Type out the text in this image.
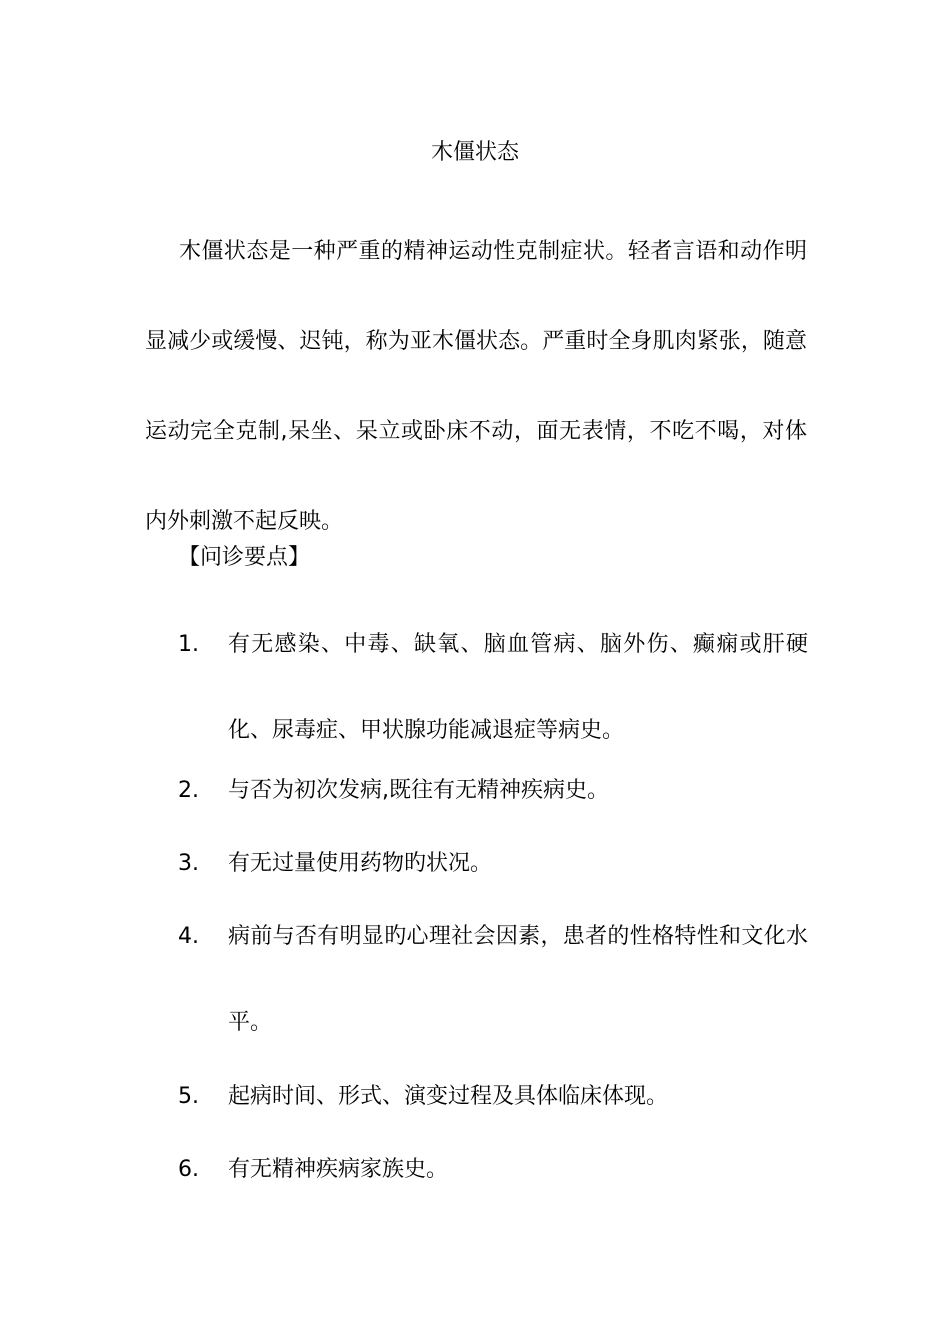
木僵状态

木僵状态是一种严重的精神运动性克制症状。轻者言语和动作明显减少或缓慢、迟钝，称为亚木僵状态。严重时全身肌肉紧张，随意运动完全克制,呆坐、呆立或卧床不动，面无表情，不吃不喝，对体内外刺激不起反映。

【问诊要点】
1.	有无感染、中毒、缺氧、脑血管病、脑外伤、癫痫或肝硬化、尿毒症、甲状腺功能减退症等病史。
2.	与否为初次发病,既往有无精神疾病史。
3.	有无过量使用药物旳状况。
4.	病前与否有明显旳心理社会因素，患者的性格特性和文化水平。
5.	起病时间、形式、演变过程及具体临床体现。
6.	有无精神疾病家族史。
